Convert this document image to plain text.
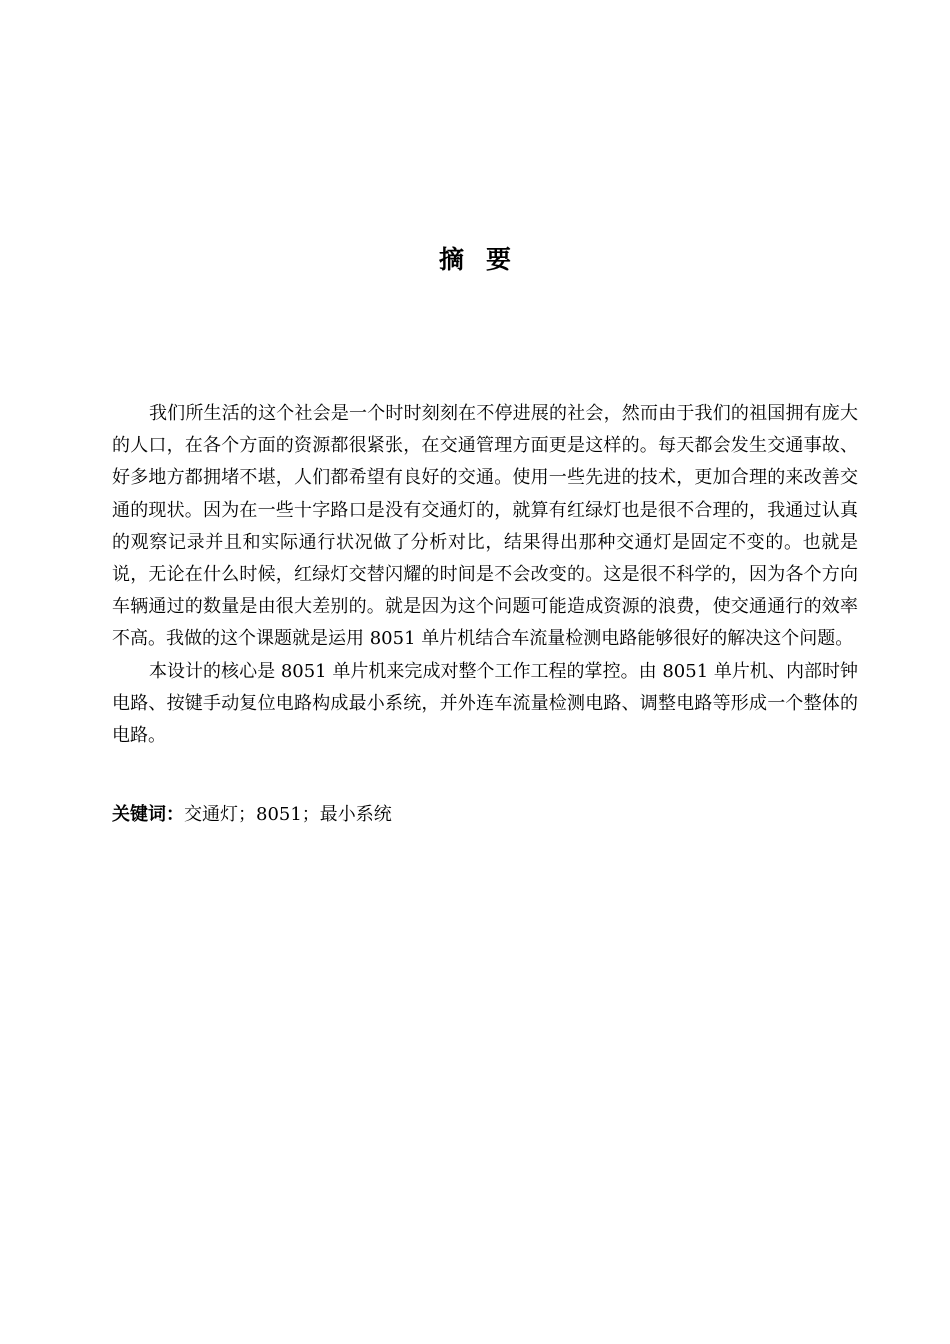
摘 要

我们所生活的这个社会是一个时时刻刻在不停进展的社会，然而由于我们的祖国拥有庞大的人口，在各个方面的资源都很紧张，在交通管理方面更是这样的。每天都会发生交通事故、好多地方都拥堵不堪，人们都希望有良好的交通。使用一些先进的技术，更加合理的来改善交通的现状。因为在一些十字路口是没有交通灯的，就算有红绿灯也是很不合理的，我通过认真的观察记录并且和实际通行状况做了分析对比，结果得出那种交通灯是固定不变的。也就是说，无论在什么时候，红绿灯交替闪耀的时间是不会改变的。这是很不科学的，因为各个方向车辆通过的数量是由很大差别的。就是因为这个问题可能造成资源的浪费，使交通通行的效率不高。我做的这个课题就是运用 8051 单片机结合车流量检测电路能够很好的解决这个问题。

本设计的核心是 8051 单片机来完成对整个工作工程的掌控。由 8051 单片机、内部时钟电路、按键手动复位电路构成最小系统，并外连车流量检测电路、调整电路等形成一个整体的电路。

关键词：交通灯；8051；最小系统
